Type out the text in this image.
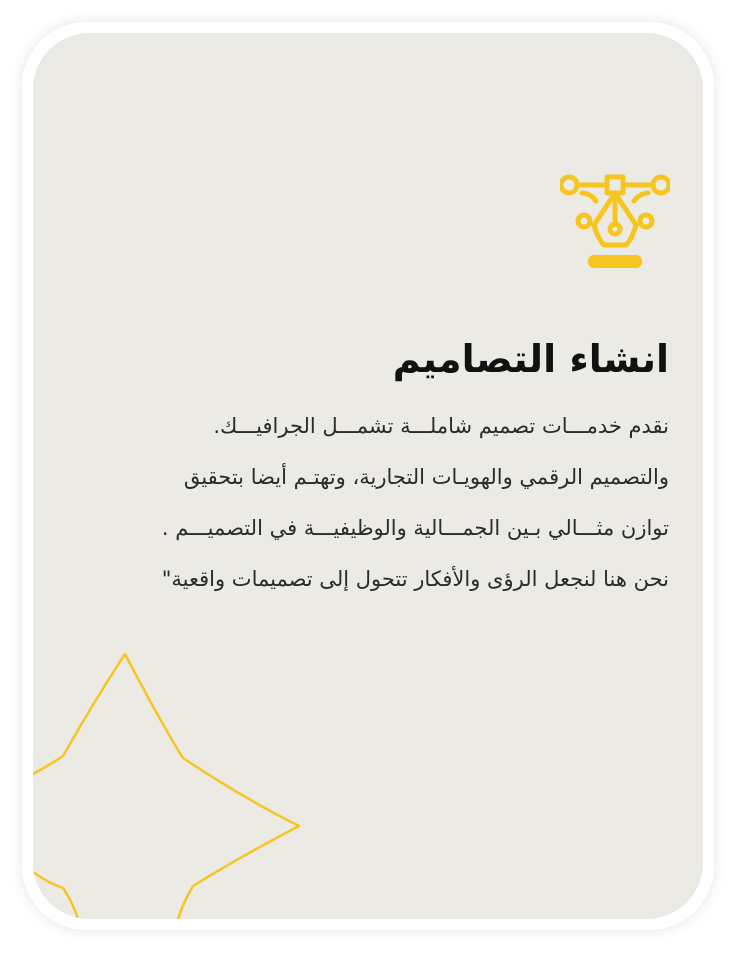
انشاء التصاميم

نقدم خدمـــات تصميم شاملـــة تشمـــل الجرافيـــك.
والتصميم الرقمي والهويـات التجارية، وتهتـم أيضا بتحقيق
توازن مثـــالي بـين الجمـــالية والوظيفيـــة في التصميـــم .
نحن هنا لنجعل الرؤى والأفكار تتحول إلى تصميمات واقعية"
